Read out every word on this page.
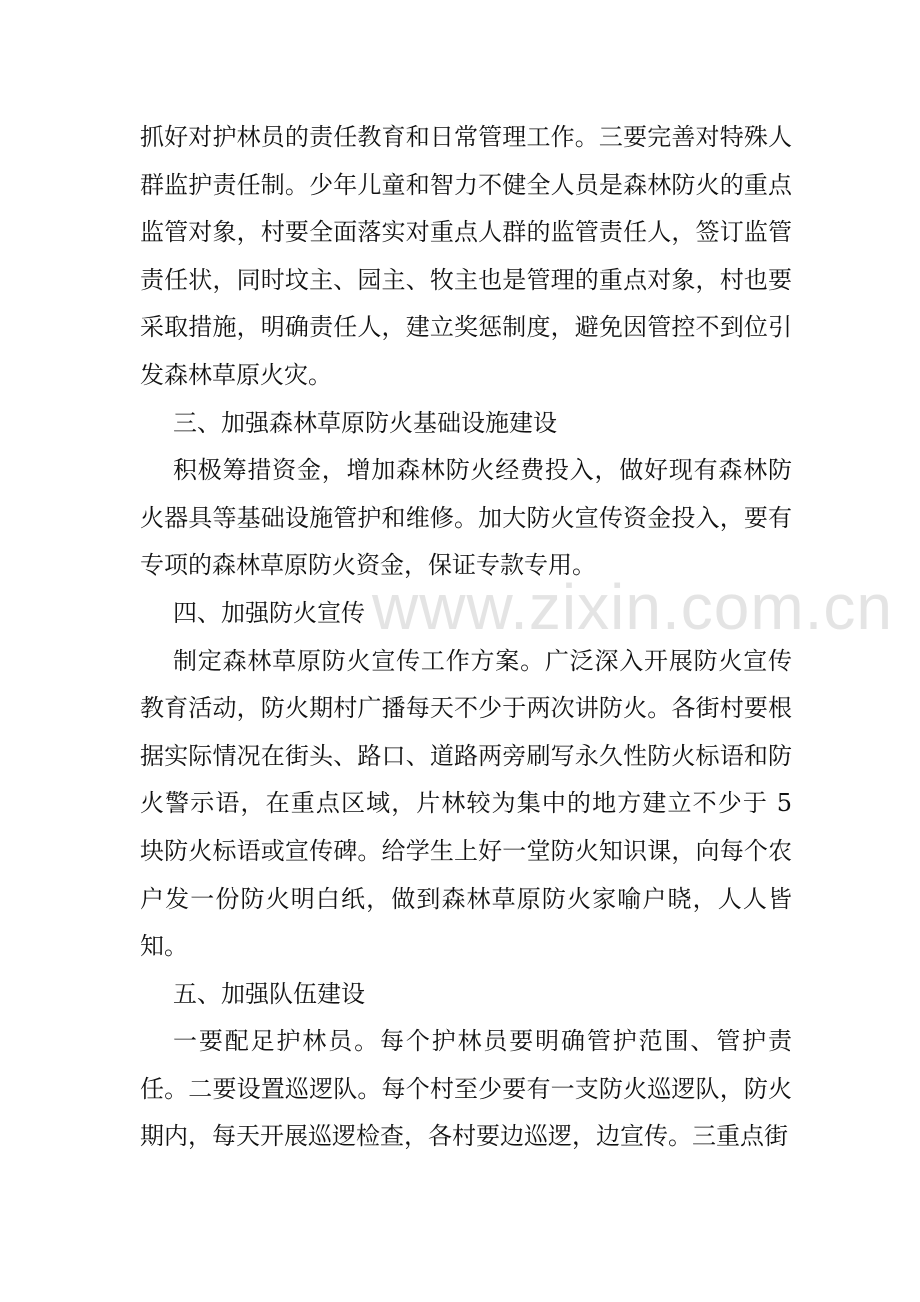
www.zixin.com.cn

抓好对护林员的责任教育和日常管理工作。三要完善对特殊人群监护责任制。少年儿童和智力不健全人员是森林防火的重点监管对象，村要全面落实对重点人群的监管责任人，签订监管责任状，同时坟主、园主、牧主也是管理的重点对象，村也要采取措施，明确责任人，建立奖惩制度，避免因管控不到位引发森林草原火灾。

三、加强森林草原防火基础设施建设

积极筹措资金，增加森林防火经费投入，做好现有森林防火器具等基础设施管护和维修。加大防火宣传资金投入，要有专项的森林草原防火资金，保证专款专用。

四、加强防火宣传

制定森林草原防火宣传工作方案。广泛深入开展防火宣传教育活动，防火期村广播每天不少于两次讲防火。各街村要根据实际情况在街头、路口、道路两旁刷写永久性防火标语和防火警示语，在重点区域，片林较为集中的地方建立不少于 5 块防火标语或宣传碑。给学生上好一堂防火知识课，向每个农户发一份防火明白纸，做到森林草原防火家喻户晓，人人皆知。

五、加强队伍建设

一要配足护林员。每个护林员要明确管护范围、管护责任。二要设置巡逻队。每个村至少要有一支防火巡逻队，防火期内，每天开展巡逻检查，各村要边巡逻，边宣传。三重点街
